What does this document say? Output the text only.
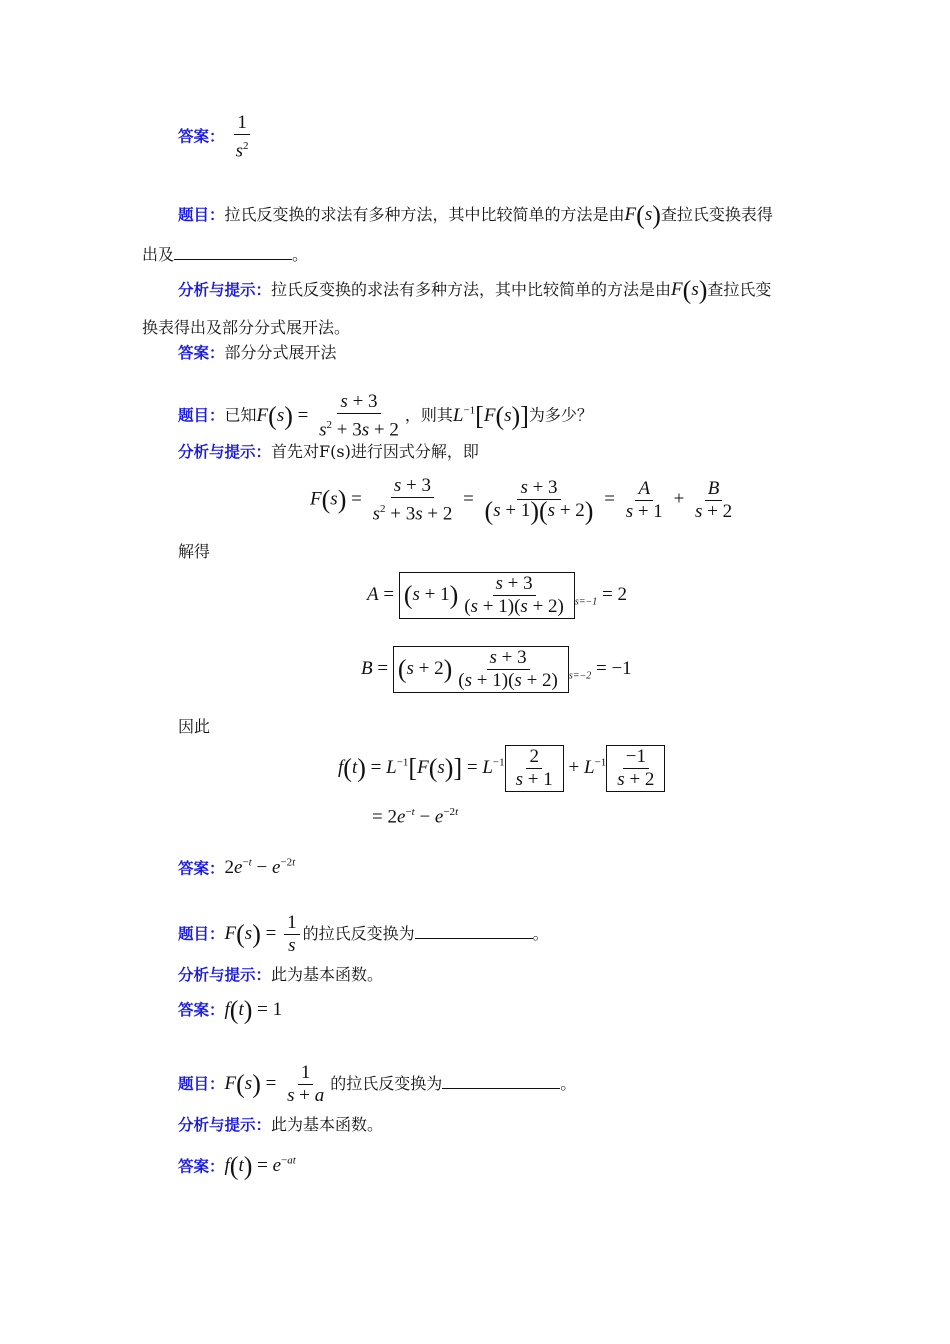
答案： $\frac{1}{s^2}$
题目：拉氏反变换的求法有多种方法，其中比较简单的方法是由F(s)查拉氏变换表得
出及	。
分析与提示：拉氏反变换的求法有多种方法，其中比较简单的方法是由F(s)查拉氏变
换表得出及部分分式展开法。
答案：部分分式展开法
题目：已知$F(s) = \frac{s + 3}{s^2 + 3s + 2}$ ，则其$L^{-1}[F(s)]$为多少？
分析与提示：首先对F(s)进行因式分解，即
$F(s) = \frac{s + 3}{s^2 + 3s + 2} = \frac{s + 3}{(s + 1)(s + 2)} = \frac{A}{s + 1} + \frac{B}{s + 2}$
解得
$A = (s + 1) \frac{s + 3}{(s + 1)(s + 2)} _{s=-1} = 2$
$B = (s + 2) \frac{s + 3}{(s + 1)(s + 2)} _{s=-2} = -1$
因此
$f(t) = L^{-1}[F(s)] = L^{-1} \frac{2}{s + 1} + L^{-1} \frac{-1}{s + 2}$
= $2e^{-t} - e^{-2t}$
答案：$2e^{-t} - e^{-2t}$
题目：$F(s) = \frac{1}{s}$ 的拉氏反变换为	。
分析与提示：此为基本函数。
答案：f(t) = 1
题目：$F(s) = \frac{1}{s + a}$ 的拉氏反变换为	。
分析与提示：此为基本函数。
答案：$f(t) = e^{-at}$
